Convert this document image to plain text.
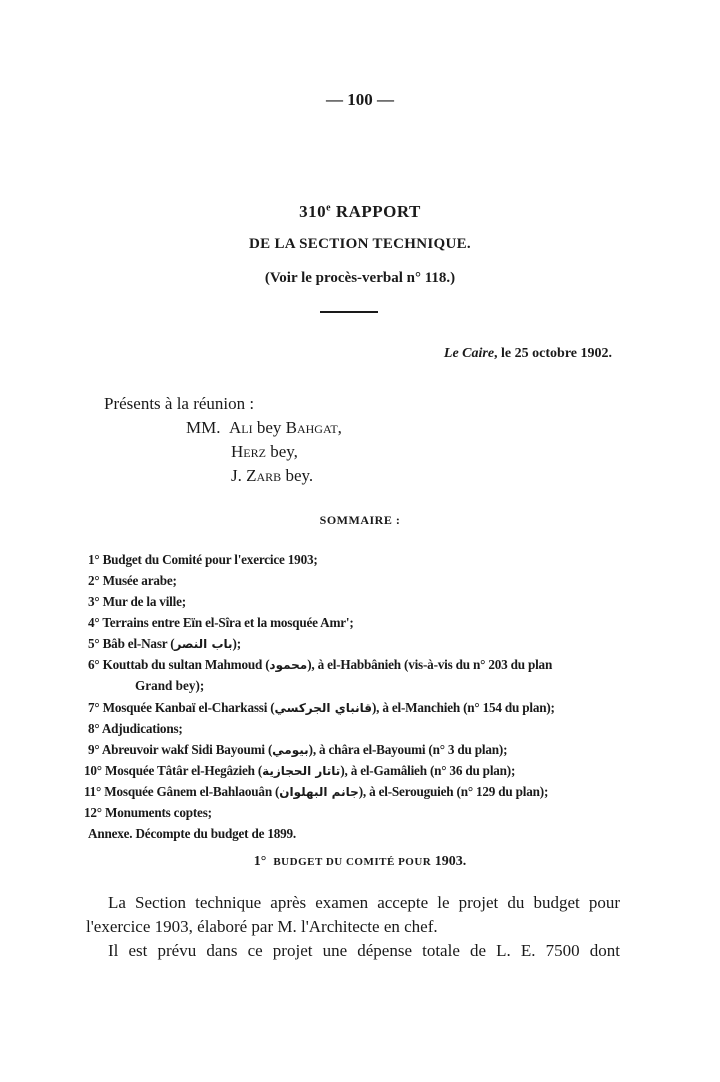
— 100 —
310e RAPPORT
DE LA SECTION TECHNIQUE.
(Voir le procès-verbal n° 118.)
Le Caire, le 25 octobre 1902.
Présents à la réunion :
MM. Ali bey Bahgat,
Herz bey,
J. Zarb bey.
SOMMAIRE :
1° Budget du Comité pour l'exercice 1903;
2° Musée arabe;
3° Mur de la ville;
4° Terrains entre Eïn el-Sîra et la mosquée Amr';
5° Bâb el-Nasr (باب النصر);
6° Kouttab du sultan Mahmoud (محمود), à el-Habbânieh (vis-à-vis du n° 203 du plan
Grand bey);
7° Mosquée Kanbaï el-Charkassi (قانباي الجركسي), à el-Manchieh (n° 154 du plan);
8° Adjudications;
9° Abreuvoir wakf Sidi Bayoumi (بيومي), à châra el-Bayoumi (n° 3 du plan);
10° Mosquée Tâtâr el-Hegâzieh (تاتار الحجازية), à el-Gamâlieh (n° 36 du plan);
11° Mosquée Gânem el-Bahlaouân (جانم البهلوان), à el-Serouguieh (n° 129 du plan);
12° Monuments coptes;
Annexe. Décompte du budget de 1899.
1° BUDGET DU COMITÉ POUR 1903.
La Section technique après examen accepte le projet du budget pour
l'exercice 1903, élaboré par M. l'Architecte en chef.
Il est prévu dans ce projet une dépense totale de L. E. 7500 dont
